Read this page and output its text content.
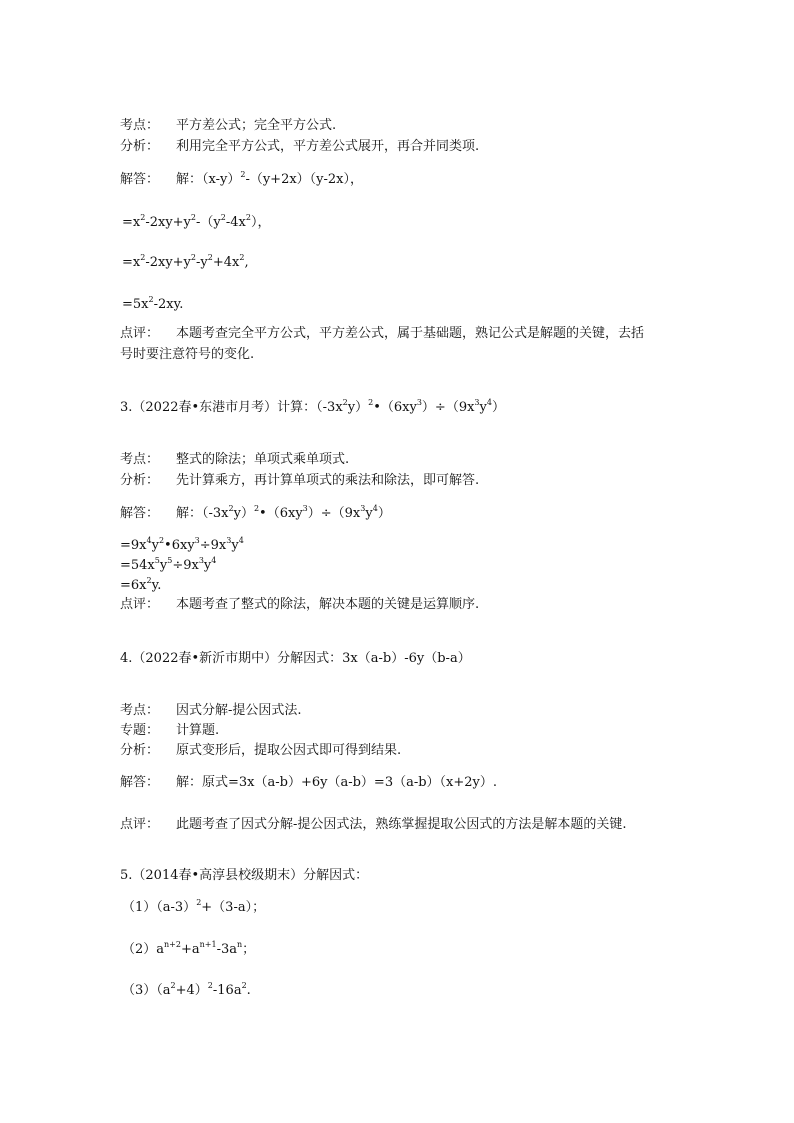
考点： 平方差公式；完全平方公式.
分析： 利用完全平方公式，平方差公式展开，再合并同类项.
解答： 解：$(x-y)^2-(y+2x)(y-2x)$，
$=x^2-2xy+y^2-(y^2-4x^2)$，
$=x^2-2xy+y^2-y^2+4x^2$,
$=5x^2-2xy$.
点评： 本题考查完全平方公式，平方差公式，属于基础题，熟记公式是解题的关键，去括
号时要注意符号的变化.
3.（2022春•东港市月考）计算：$(-3x^2y)^2•(6xy^3)\div(9x^3y^4)$
考点： 整式的除法；单项式乘单项式.
分析： 先计算乘方，再计算单项式的乘法和除法，即可解答.
解答： 解：$(-3x^2y)^2•(6xy^3)\div(9x^3y^4)$
$=9x^4y^2•6xy^3\div 9x^3y^4$
$=54x^5y^5\div 9x^3y^4$
$=6x^2y$.
点评： 本题考查了整式的除法，解决本题的关键是运算顺序.
4.（2022春•新沂市期中）分解因式：3x（a-b）-6y（b-a）
考点： 因式分解-提公因式法.
专题： 计算题.
分析： 原式变形后，提取公因式即可得到结果.
解答： 解：原式=3x（a-b）+6y（a-b）=3（a-b）（x+2y）.
点评： 此题考查了因式分解-提公因式法，熟练掌握提取公因式的方法是解本题的关键.
5.（2014春•高淳县校级期末）分解因式：
$(1)(a-3)^2+(3-a)$；
$(2)a^{n+2}+a^{n+1}-3a^n$；
$(3)(a^2+4)^2-16a^2$.
